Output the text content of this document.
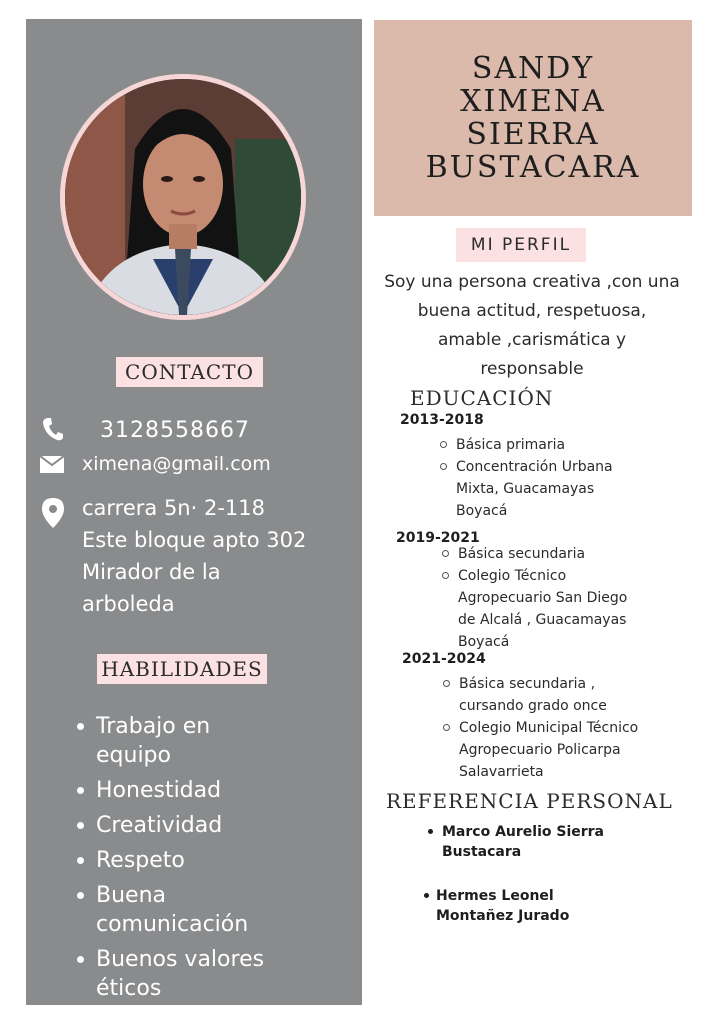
CONTACTO
3128558667
ximena@gmail.com
carrera 5n· 2-118
Este bloque apto 302
Mirador de la
arboleda
HABILIDADES
Trabajo en equipo
Honestidad
Creatividad
Respeto
Buena comunicación
Buenos valores éticos
SANDY
XIMENA
SIERRA
BUSTACARA
MI PERFIL
Soy una persona creativa ,con una buena actitud, respetuosa, amable ,carismática y responsable
EDUCACIÓN
2013-2018
Básica primaria
Concentración Urbana Mixta, Guacamayas Boyacá
2019-2021
Básica secundaria
Colegio Técnico Agropecuario San Diego de Alcalá , Guacamayas Boyacá
2021-2024
Básica secundaria , cursando grado once
Colegio Municipal Técnico Agropecuario Policarpa Salavarrieta
REFERENCIA PERSONAL
Marco Aurelio Sierra Bustacara
Hermes Leonel Montañez Jurado
